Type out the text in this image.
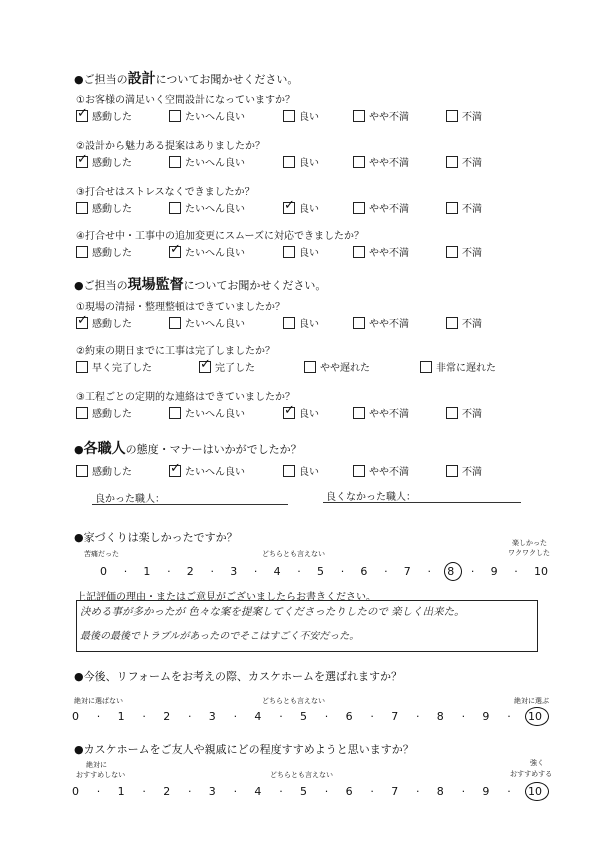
●ご担当の設計についてお聞かせください。
①お客様の満足いく空間設計になっていますか？
✓感動した	たいへん良い	良い	やや不満	不満
②設計から魅力ある提案はありましたか？
✓感動した	たいへん良い	良い	やや不満	不満
③打合せはストレスなくできましたか？
感動した	たいへん良い ✓	良い	やや不満	不満
④打合せ中・工事中の追加変更にスムーズに対応できましたか？
感動した ✓	たいへん良い	良い	やや不満	不満
●ご担当の現場監督についてお聞かせください。
①現場の清掃・整理整頓はできていましたか？
✓感動した	たいへん良い	良い	やや不満	不満
②約束の期日までに工事は完了しましたか？
早く完了した ✓	完了した	やや遅れた	非常に遅れた
③工程ごとの定期的な連絡はできていましたか？
感動した	たいへん良い ✓	良い	やや不満	不満
●各職人の態度・マナーはいかがでしたか？
感動した ✓	たいへん良い	良い	やや不満	不満
良かった職人：	良くなかった職人：
●家づくりは楽しかったですか？
苦痛だった	どちらとも言えない
楽しかった
ワクワクした
0 · 1 · 2 · 3 · 4 · 5 · 6 · 7 · 8 · 9 · 10
上記評価の理由・またはご意見がございましたらお書きください。
決める事が多かったが 色々な案を提案してくださったりしたので 楽しく出来た。
最後の最後でトラブルがあったのでそこはすごく不安だった。
●今後、リフォームをお考えの際、カスケホームを選ばれますか？
絶対に選ばない	どちらとも言えない	絶対に選ぶ
0 · 1 · 2 · 3 · 4 · 5 · 6 · 7 · 8 · 9 · 10
●カスケホームをご友人や親戚にどの程度すすめようと思いますか？
絶対に
おすすめしない	どちらとも言えない
強く
おすすめする
0 · 1 · 2 · 3 · 4 · 5 · 6 · 7 · 8 · 9 · 10
